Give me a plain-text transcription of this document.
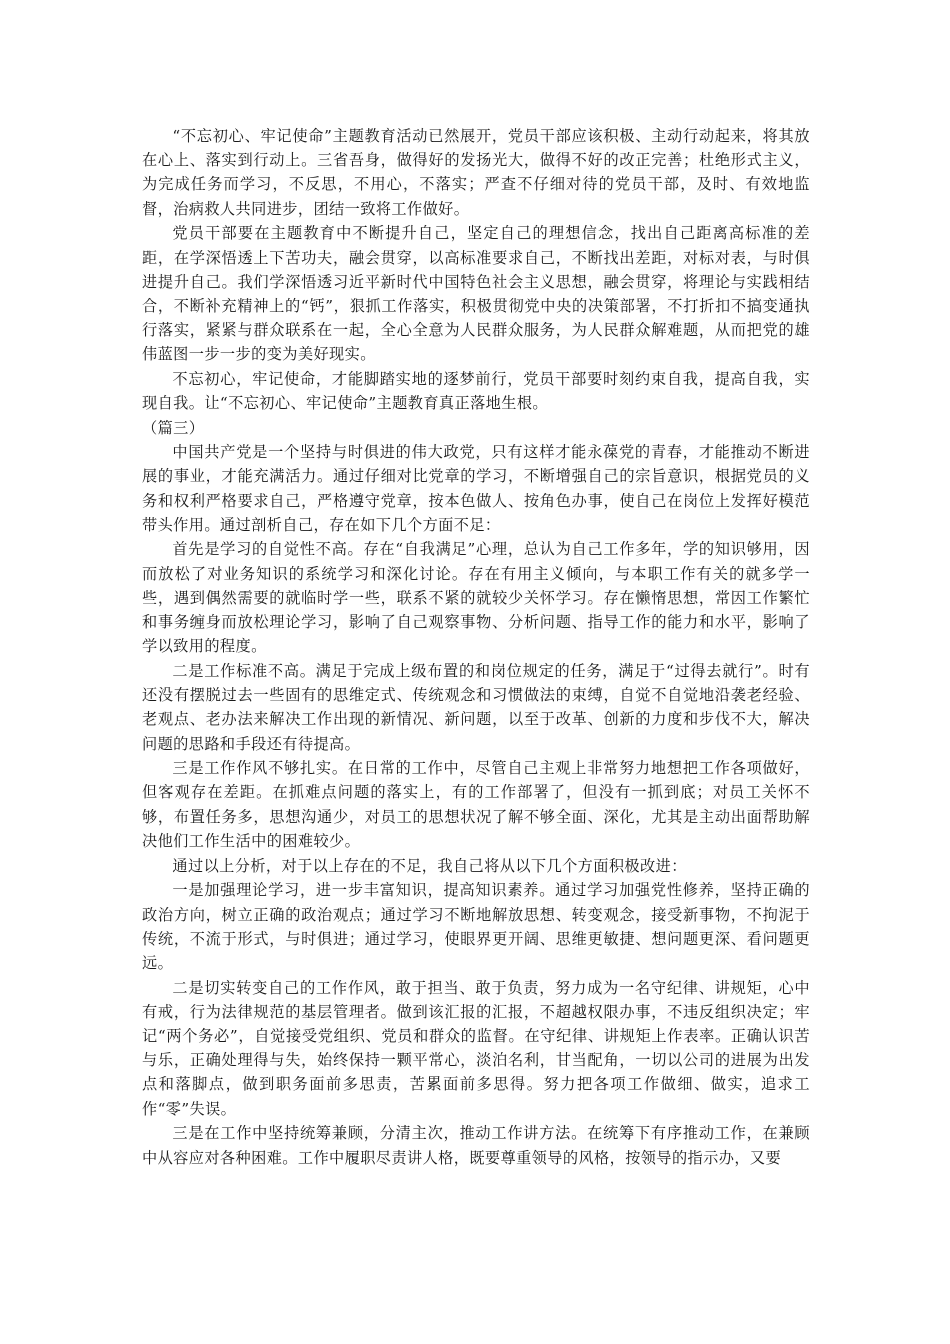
“不忘初心、牢记使命”主题教育活动已然展开，党员干部应该积极、主动行动起来，将其放在心上、落实到行动上。三省吾身，做得好的发扬光大，做得不好的改正完善；杜绝形式主义，为完成任务而学习，不反思，不用心，不落实；严查不仔细对待的党员干部，及时、有效地监督，治病救人共同进步，团结一致将工作做好。

党员干部要在主题教育中不断提升自己，坚定自己的理想信念，找出自己距离高标准的差距，在学深悟透上下苦功夫，融会贯穿，以高标准要求自己，不断找出差距，对标对表，与时俱进提升自己。我们学深悟透习近平新时代中国特色社会主义思想，融会贯穿，将理论与实践相结合，不断补充精神上的“钙”，狠抓工作落实，积极贯彻党中央的决策部署，不打折扣不搞变通执行落实，紧紧与群众联系在一起，全心全意为人民群众服务，为人民群众解难题，从而把党的雄伟蓝图一步一步的变为美好现实。

不忘初心，牢记使命，才能脚踏实地的逐梦前行，党员干部要时刻约束自我，提高自我，实现自我。让“不忘初心、牢记使命”主题教育真正落地生根。

（篇三）

中国共产党是一个坚持与时俱进的伟大政党，只有这样才能永葆党的青春，才能推动不断进展的事业，才能充满活力。通过仔细对比党章的学习，不断增强自己的宗旨意识，根据党员的义务和权利严格要求自己，严格遵守党章，按本色做人、按角色办事，使自己在岗位上发挥好模范带头作用。通过剖析自己，存在如下几个方面不足：

首先是学习的自觉性不高。存在“自我满足”心理，总认为自己工作多年，学的知识够用，因而放松了对业务知识的系统学习和深化讨论。存在有用主义倾向，与本职工作有关的就多学一些，遇到偶然需要的就临时学一些，联系不紧的就较少关怀学习。存在懒惰思想，常因工作繁忙和事务缠身而放松理论学习，影响了自己观察事物、分析问题、指导工作的能力和水平，影响了学以致用的程度。

二是工作标准不高。满足于完成上级布置的和岗位规定的任务，满足于“过得去就行”。时有还没有摆脱过去一些固有的思维定式、传统观念和习惯做法的束缚，自觉不自觉地沿袭老经验、老观点、老办法来解决工作出现的新情况、新问题，以至于改革、创新的力度和步伐不大，解决问题的思路和手段还有待提高。

三是工作作风不够扎实。在日常的工作中，尽管自己主观上非常努力地想把工作各项做好，但客观存在差距。在抓难点问题的落实上，有的工作部署了，但没有一抓到底；对员工关怀不够，布置任务多，思想沟通少，对员工的思想状况了解不够全面、深化，尤其是主动出面帮助解决他们工作生活中的困难较少。

通过以上分析，对于以上存在的不足，我自己将从以下几个方面积极改进：

一是加强理论学习，进一步丰富知识，提高知识素养。通过学习加强党性修养，坚持正确的政治方向，树立正确的政治观点；通过学习不断地解放思想、转变观念，接受新事物，不拘泥于传统，不流于形式，与时俱进；通过学习，使眼界更开阔、思维更敏捷、想问题更深、看问题更远。

二是切实转变自己的工作作风，敢于担当、敢于负责，努力成为一名守纪律、讲规矩，心中有戒，行为法律规范的基层管理者。做到该汇报的汇报，不超越权限办事，不违反组织决定；牢记“两个务必”，自觉接受党组织、党员和群众的监督。在守纪律、讲规矩上作表率。正确认识苦与乐，正确处理得与失，始终保持一颗平常心，淡泊名利，甘当配角，一切以公司的进展为出发点和落脚点，做到职务面前多思责，苦累面前多思得。努力把各项工作做细、做实，追求工作“零”失误。

三是在工作中坚持统筹兼顾，分清主次，推动工作讲方法。在统筹下有序推动工作，在兼顾中从容应对各种困难。工作中履职尽责讲人格，既要尊重领导的风格，按领导的指示办，又要
